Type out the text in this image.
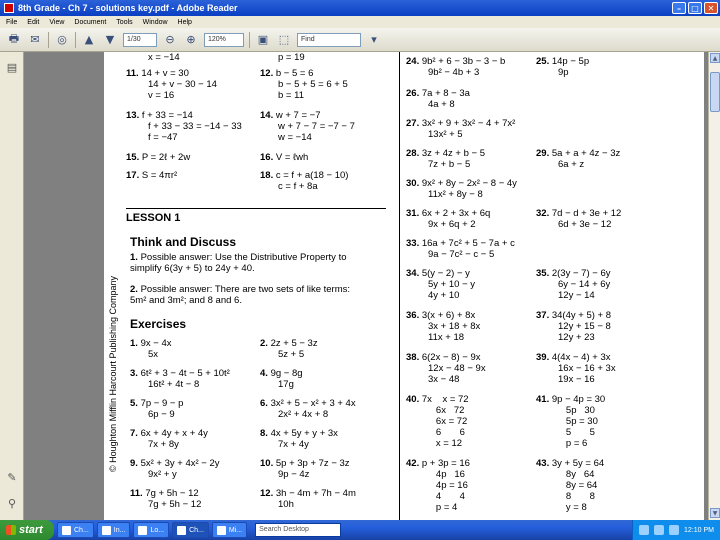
8th Grade - Ch 7 - solutions key.pdf - Adobe Reader	–	□	✕
File Edit View Document Tools Window Help
🖶	✉	◎	▲	▼	1/30	⊖	⊕	120%	▣ ⬚	Find	▾
▤
✎
⚲
© Houghton Mifflin Harcourt Publishing Company
x = −14	p = 19
11. 14 + v = 30
14 + v − 30 − 14
v = 16
12. b − 5 = 6
b − 5 + 5 = 6 + 5
b = 11
13. f + 33 = −14
f + 33 − 33 = −14 − 33
f = −47
14. w + 7 = −7
w + 7 − 7 = −7 − 7
w = −14
15. P = 2ℓ + 2w	16. V = ℓwh
17. S = 4πr²	18. c = f + a(18 − 10)
c = f + 8a
LESSON 1
Think and Discuss
1. Possible answer: Use the Distributive Property to
simplify 6(3y + 5) to 24y + 40.
2. Possible answer: There are two sets of like terms:
5m² and 3m²; and 8 and 6.
Exercises
1. 9x − 4x
5x
2. 2z + 5 − 3z
5z + 5
3. 6t² + 3 − 4t − 5 + 10t²
16t² + 4t − 8
4. 9g − 8g
17g
5. 7p − 9 − p
6p − 9
6. 3x² + 5 − x² + 3 + 4x
2x² + 4x + 8
7. 6x + 4y + x + 4y
7x + 8y
8. 4x + 5y + y + 3x
7x + 4y
9. 5x² + 3y + 4x² − 2y
9x² + y
10. 5p + 3p + 7z − 3z
9p − 4z
11. 7g + 5h − 12
7g + 5h − 12
12. 3h − 4m + 7h − 4m
10h
24. 9b² + 6 − 3b − 3 − b
9b² − 4b + 3
25. 14p − 5p
9p
26. 7a + 8 − 3a
4a + 8
27. 3x² + 9 + 3x² − 4 + 7x²
13x² + 5
28. 3z + 4z + b − 5
7z + b − 5
29. 5a + a + 4z − 3z
6a + z
30. 9x² + 8y − 2x² − 8 − 4y
11x² + 8y − 8
31. 6x + 2 + 3x + 6q
9x + 6q + 2
32. 7d − d + 3e + 12
6d + 3e − 12
33. 16a + 7c² + 5 − 7a + c
9a − 7c² − c − 5
34. 5(y − 2) − y
5y + 10 − y
4y + 10
35. 2(3y − 7) − 6y
6y − 14 + 6y
12y − 14
36. 3(x + 6) + 8x
3x + 18 + 8x
11x + 18
37. 34(4y + 5) + 8
12y + 15 − 8
12y + 23
38. 6(2x − 8) − 9x
12x − 48 − 9x
3x − 48
39. 4(4x − 4) + 3x
16x − 16 + 3x
19x − 16
40. 7x    x = 72
6x   72
6x = 72
6       6
x = 12
41. 9p − 4p = 30
5p   30
5p = 30
5       5
p = 6
42. p + 3p = 16
4p   16
4p = 16
4       4
p = 4
43. 3y + 5y = 64
8y   64
8y = 64
8       8
y = 8
▲
▼
start	Ch...	In...	Lo...	Ch...	Mi...	Search Desktop	12:10 PM
